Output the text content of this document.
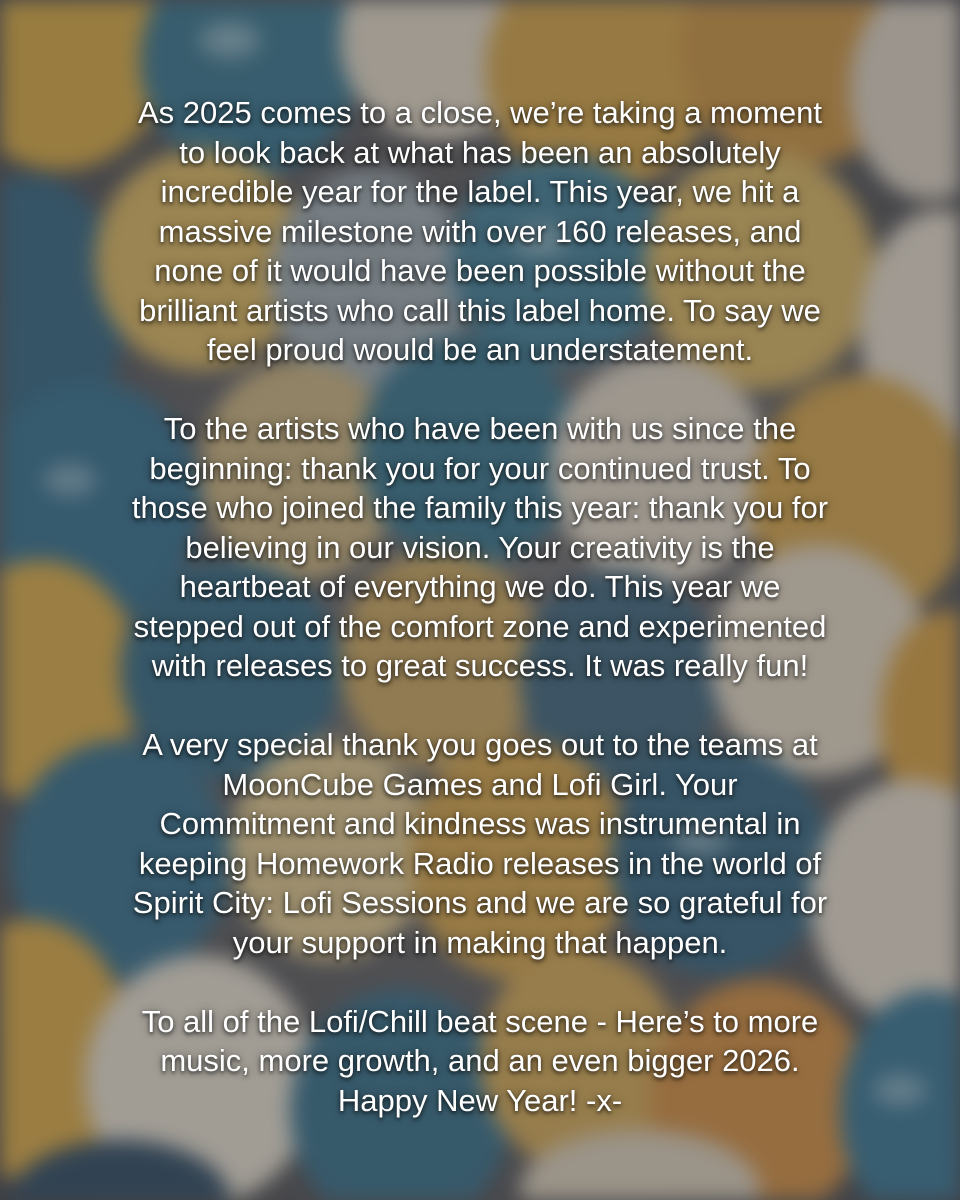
As 2025 comes to a close, we’re taking a moment
to look back at what has been an absolutely
incredible year for the label. This year, we hit a
massive milestone with over 160 releases, and
none of it would have been possible without the
brilliant artists who call this label home. To say we
feel proud would be an understatement.

To the artists who have been with us since the
beginning: thank you for your continued trust. To
those who joined the family this year: thank you for
believing in our vision. Your creativity is the
heartbeat of everything we do. This year we
stepped out of the comfort zone and experimented
with releases to great success. It was really fun!

A very special thank you goes out to the teams at
MoonCube Games and Lofi Girl. Your
Commitment and kindness was instrumental in
keeping Homework Radio releases in the world of
Spirit City: Lofi Sessions and we are so grateful for
your support in making that happen.

To all of the Lofi/Chill beat scene - Here’s to more
music, more growth, and an even bigger 2026.
Happy New Year! -x-
